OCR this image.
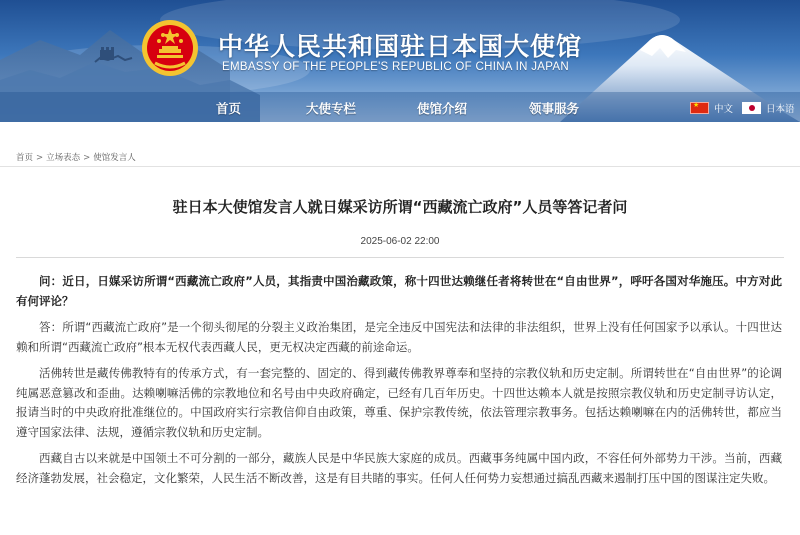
中华人民共和国驻日本国大使馆
EMBASSY OF THE PEOPLE'S REPUBLIC OF CHINA IN JAPAN
首页	大使专栏	使馆介绍	领事服务
★	中文	日本语
首页 > 立场表态 > 使馆发言人
驻日本大使馆发言人就日媒采访所谓“西藏流亡政府”人员等答记者问
2025-06-02 22:00

问：近日，日媒采访所谓“西藏流亡政府”人员，其指责中国治藏政策，称十四世达赖继任者将转世在“自由世界”，呼吁各国对华施压。中方对此有何评论？

答：所谓“西藏流亡政府”是一个彻头彻尾的分裂主义政治集团，是完全违反中国宪法和法律的非法组织，世界上没有任何国家予以承认。十四世达赖和所谓“西藏流亡政府”根本无权代表西藏人民，更无权决定西藏的前途命运。

活佛转世是藏传佛教特有的传承方式，有一套完整的、固定的、得到藏传佛教界尊奉和坚持的宗教仪轨和历史定制。所谓转世在“自由世界”的论调纯属恶意篡改和歪曲。达赖喇嘛活佛的宗教地位和名号由中央政府确定，已经有几百年历史。十四世达赖本人就是按照宗教仪轨和历史定制寻访认定，报请当时的中央政府批准继位的。中国政府实行宗教信仰自由政策，尊重、保护宗教传统，依法管理宗教事务。包括达赖喇嘛在内的活佛转世，都应当遵守国家法律、法规，遵循宗教仪轨和历史定制。

西藏自古以来就是中国领土不可分割的一部分，藏族人民是中华民族大家庭的成员。西藏事务纯属中国内政，不容任何外部势力干涉。当前，西藏经济蓬勃发展，社会稳定，文化繁荣，人民生活不断改善，这是有目共睹的事实。任何人任何势力妄想通过搞乱西藏来遏制打压中国的图谋注定失败。
